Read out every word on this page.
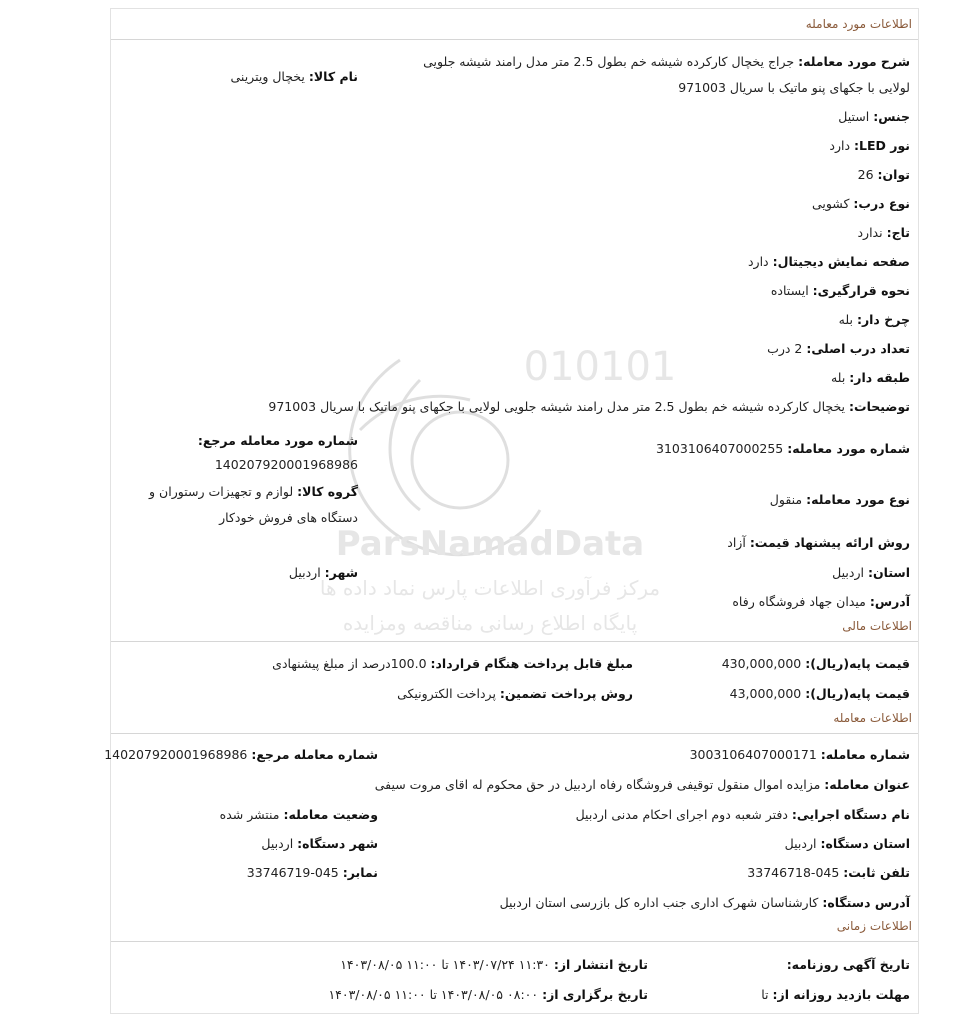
اطلاعات مورد معامله
شرح مورد معامله: جراج یخچال کارکرده شیشه خم بطول 2.5 متر مدل رامند شیشه جلویی لولایی با جکهای پنو ماتیک با سریال 971003
نام کالا: یخچال ویترینی
جنس: استیل
نور LED: دارد
توان: 26
نوع درب: کشویی
تاج: ندارد
صفحه نمایش دیجیتال: دارد
نحوه قرارگیری: ایستاده
چرخ دار: بله
تعداد درب اصلی: 2 درب
طبقه دار: بله
توضیحات: یخچال کارکرده شیشه خم بطول 2.5 متر مدل رامند شیشه جلویی لولایی با جکهای پنو ماتیک با سریال 971003
شماره مورد معامله: 3103106407000255
شماره مورد معامله مرجع:
14020792000196898​6
نوع مورد معامله: منقول
گروه کالا: لوازم و تجهیزات رستوران و دستگاه های فروش خودکار
روش ارائه پیشنهاد قیمت: آزاد
استان: اردبیل
شهر: اردبیل
آدرس: میدان جهاد فروشگاه رفاه
اطلاعات مالی
قیمت پایه(ریال): 430,000,000
مبلغ قابل پرداخت هنگام قرارداد: 100.0درصد از مبلغ پیشنهادی
قیمت پایه(ریال): 43,000,000
روش پرداخت تضمین: پرداخت الکترونیکی
اطلاعات معامله
شماره معامله: 3003106407000171
شماره معامله مرجع: 140207920001968986
عنوان معامله: مزایده اموال منقول توقیفی فروشگاه رفاه اردبیل در حق محکوم له اقای مروت سیفی
نام دستگاه اجرایی: دفتر شعبه دوم اجرای احکام مدنی اردبیل
وضعیت معامله: منتشر شده
استان دستگاه: اردبیل
شهر دستگاه: اردبیل
تلفن ثابت: 045-33746718
نمابر: 045-33746719
آدرس دستگاه: کارشناسان شهرک اداری جنب اداره کل بازرسی استان اردبیل
اطلاعات زمانی
تاریخ آگهی روزنامه:
تاریخ انتشار از: ۱۱:۳۰ ۱۴۰۳/۰۷/۲۴ تا ۱۱:۰۰ ۱۴۰۳/۰۸/۰۵
مهلت بازدید روزانه از: تا
تاریخ برگزاری از: ۰۸:۰۰ ۱۴۰۳/۰۸/۰۵ تا ۱۱:۰۰ ۱۴۰۳/۰۸/۰۵
